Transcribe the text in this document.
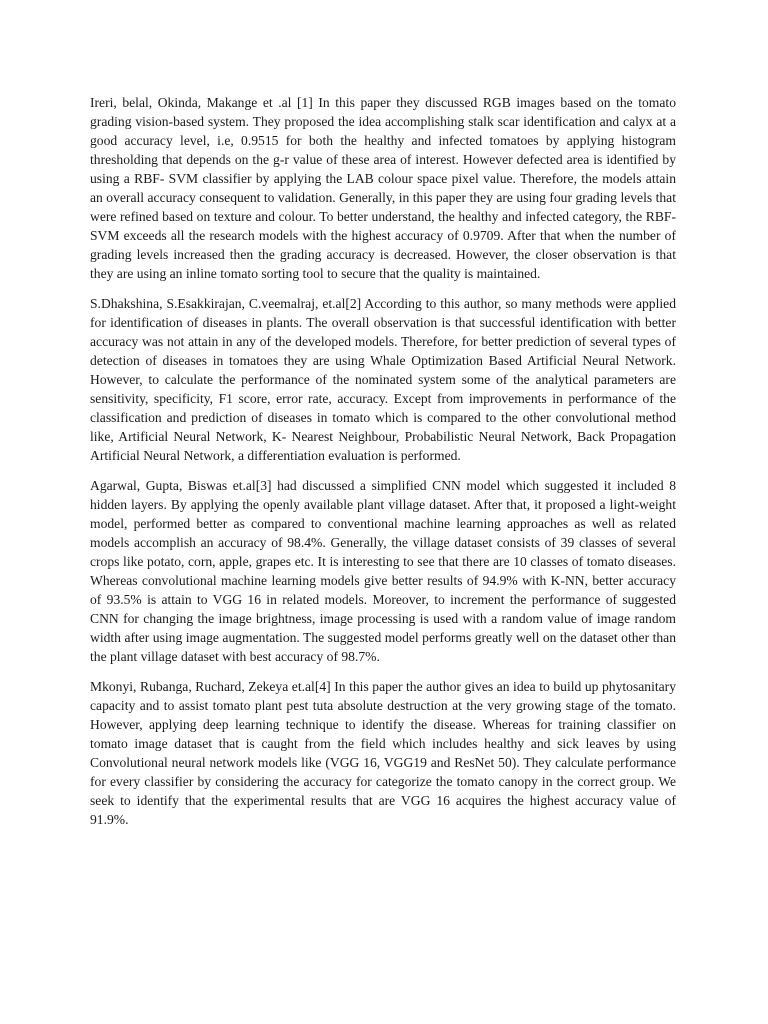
Ireri, belal, Okinda, Makange et .al [1] In this paper they discussed RGB images based on the tomato grading vision-based system. They proposed the idea accomplishing stalk scar identification and calyx at a good accuracy level, i.e, 0.9515 for both the healthy and infected tomatoes by applying histogram thresholding that depends on the g-r value of these area of interest. However defected area is identified by using a RBF- SVM classifier by applying the LAB colour space pixel value. Therefore, the models attain an overall accuracy consequent to validation. Generally, in this paper they are using four grading levels that were refined based on texture and colour. To better understand, the healthy and infected category, the RBF-SVM exceeds all the research models with the highest accuracy of 0.9709. After that when the number of grading levels increased then the grading accuracy is decreased. However, the closer observation is that they are using an inline tomato sorting tool to secure that the quality is maintained.

S.Dhakshina, S.Esakkirajan, C.veemalraj, et.al[2] According to this author, so many methods were applied for identification of diseases in plants. The overall observation is that successful identification with better accuracy was not attain in any of the developed models. Therefore, for better prediction of several types of detection of diseases in tomatoes they are using Whale Optimization Based Artificial Neural Network. However, to calculate the performance of the nominated system some of the analytical parameters are sensitivity, specificity, F1 score, error rate, accuracy. Except from improvements in performance of the classification and prediction of diseases in tomato which is compared to the other convolutional method like, Artificial Neural Network, K- Nearest Neighbour, Probabilistic Neural Network, Back Propagation Artificial Neural Network, a differentiation evaluation is performed.

Agarwal, Gupta, Biswas et.al[3] had discussed a simplified CNN model which suggested it included 8 hidden layers. By applying the openly available plant village dataset. After that, it proposed a light-weight model, performed better as compared to conventional machine learning approaches as well as related models accomplish an accuracy of 98.4%. Generally, the village dataset consists of 39 classes of several crops like potato, corn, apple, grapes etc. It is interesting to see that there are 10 classes of tomato diseases. Whereas convolutional machine learning models give better results of 94.9% with K-NN, better accuracy of 93.5% is attain to VGG 16 in related models. Moreover, to increment the performance of suggested CNN for changing the image brightness, image processing is used with a random value of image random width after using image augmentation. The suggested model performs greatly well on the dataset other than the plant village dataset with best accuracy of 98.7%.

Mkonyi, Rubanga, Ruchard, Zekeya et.al[4] In this paper the author gives an idea to build up phytosanitary capacity and to assist tomato plant pest tuta absolute destruction at the very growing stage of the tomato. However, applying deep learning technique to identify the disease. Whereas for training classifier on tomato image dataset that is caught from the field which includes healthy and sick leaves by using Convolutional neural network models like (VGG 16, VGG19 and ResNet 50). They calculate performance for every classifier by considering the accuracy for categorize the tomato canopy in the correct group. We seek to identify that the experimental results that are VGG 16 acquires the highest accuracy value of 91.9%.
